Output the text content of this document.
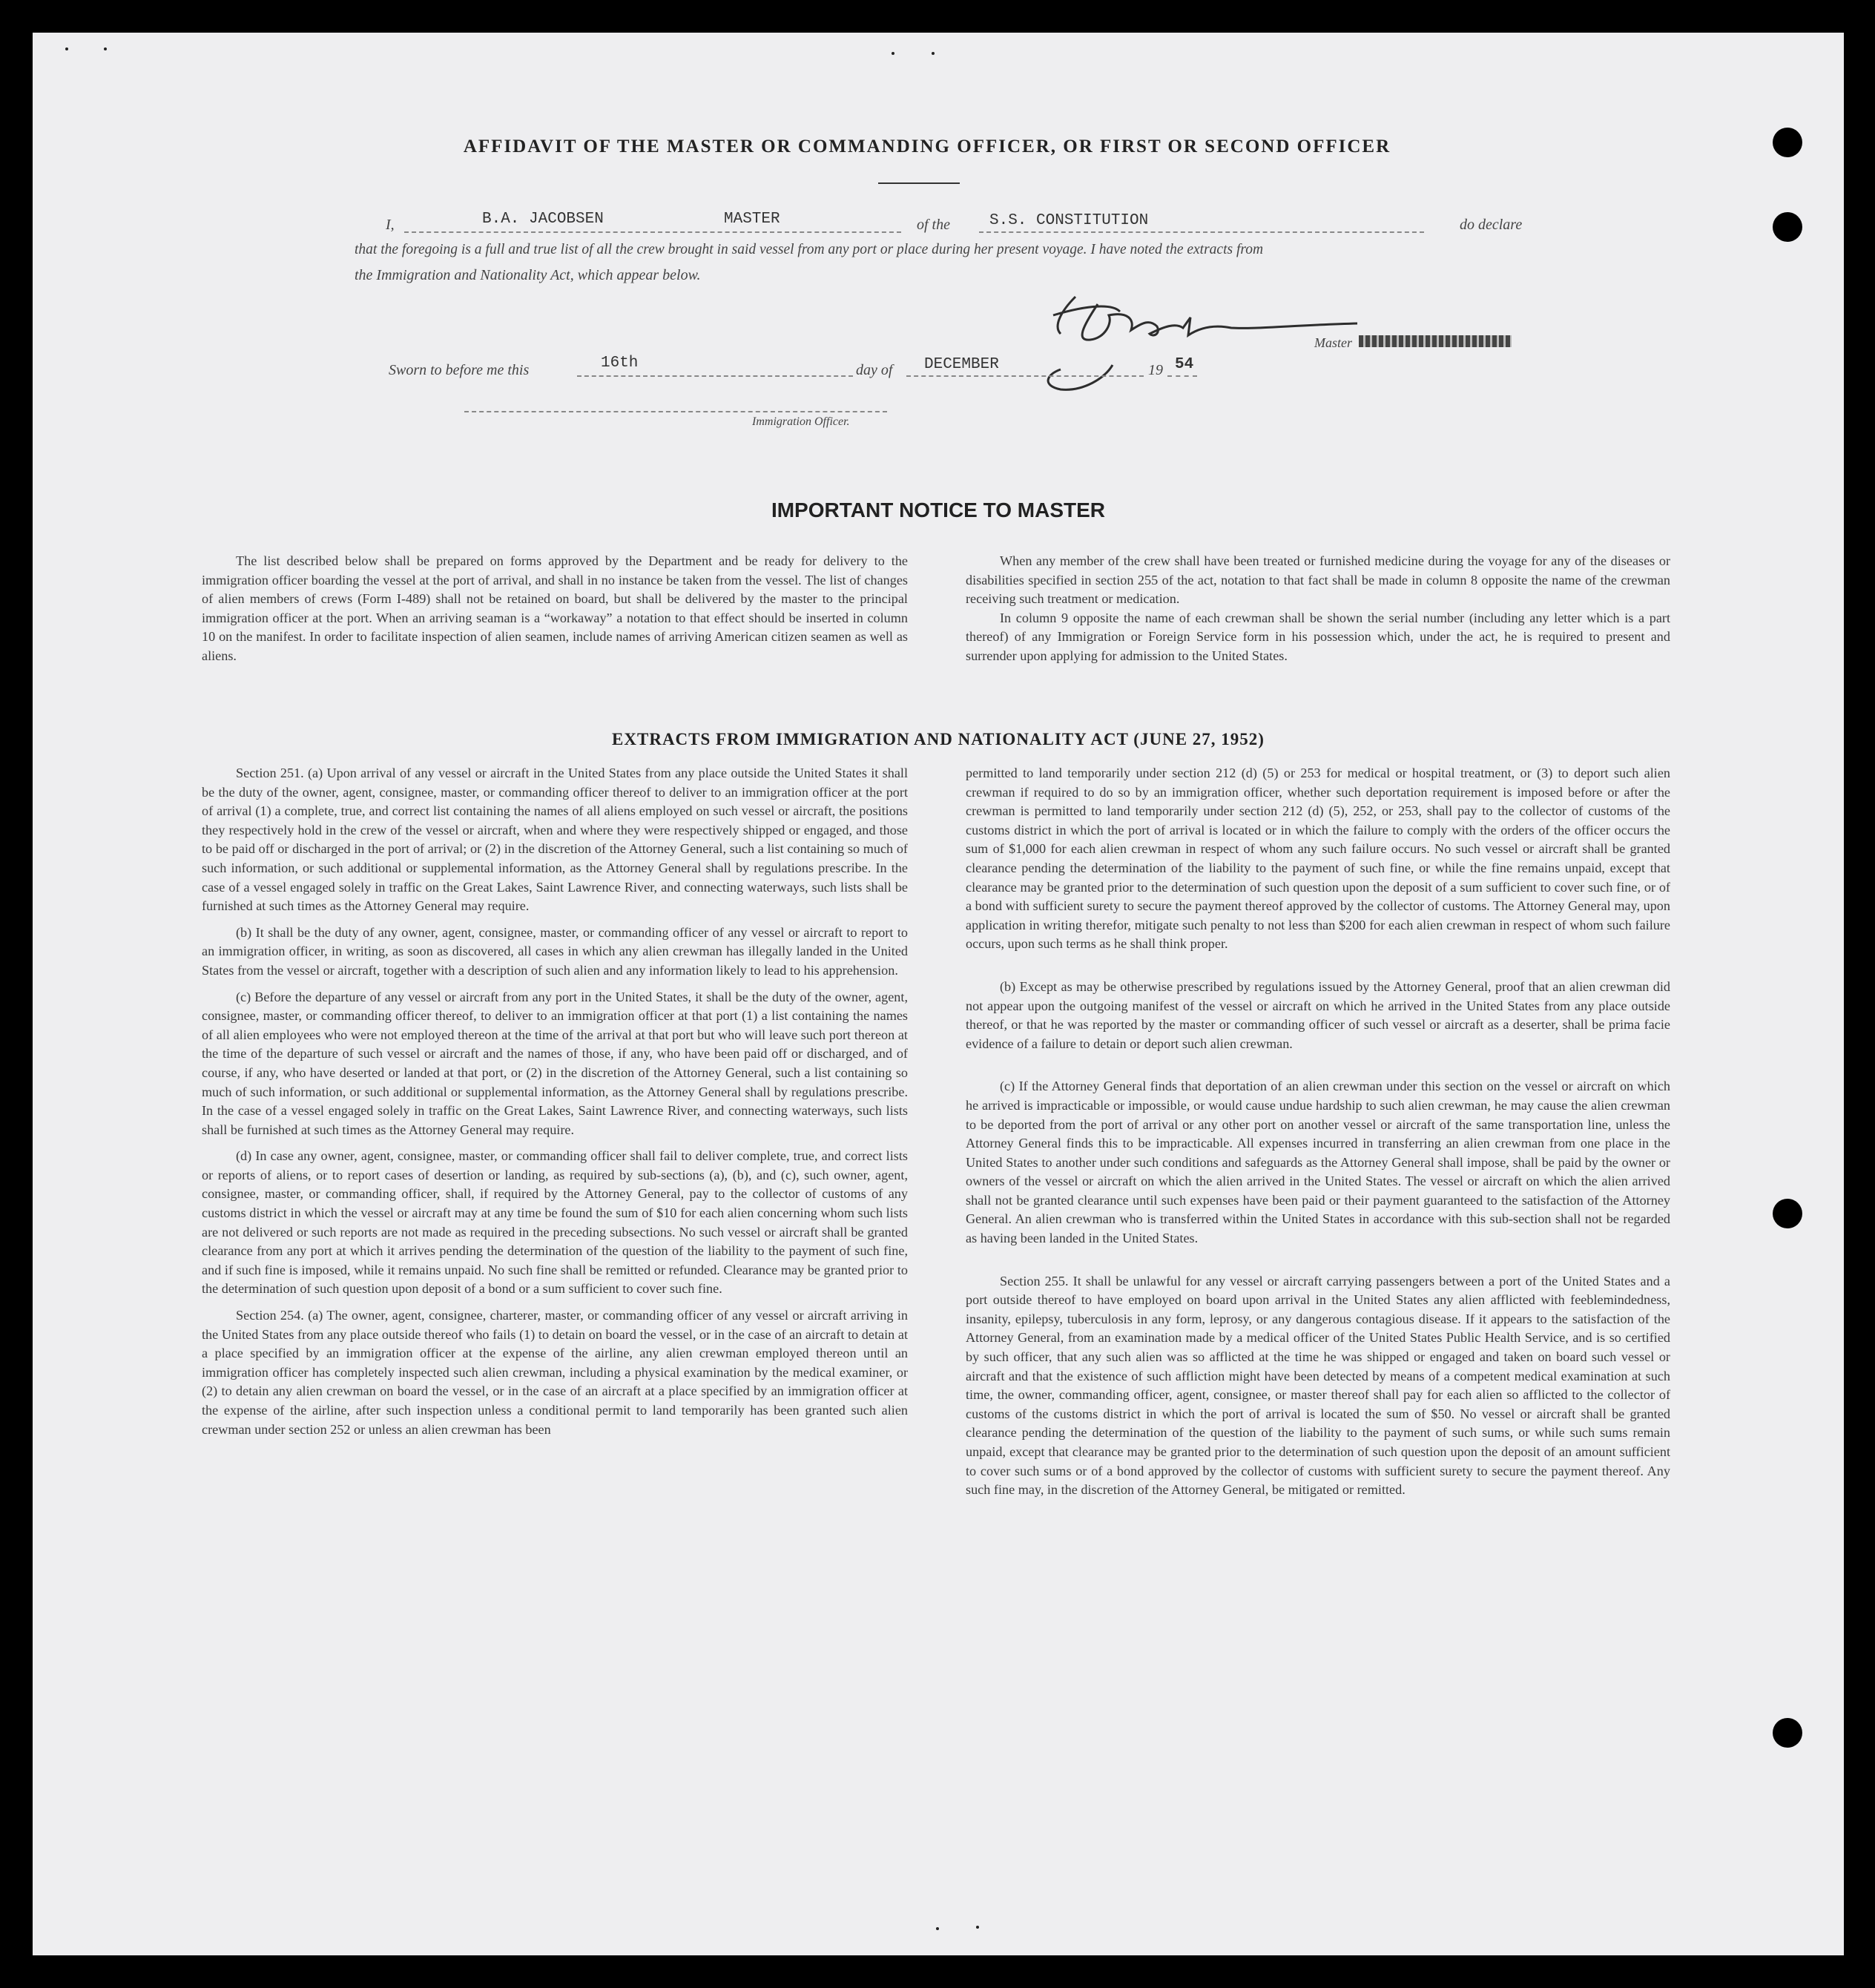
AFFIDAVIT OF THE MASTER OR COMMANDING OFFICER, OR FIRST OR SECOND OFFICER
I,	B.A. JACOBSEN	MASTER	of the	S.S. CONSTITUTION	do declare
that the foregoing is a full and true list of all the crew brought in said vessel from any port or place during her present voyage. I have noted the extracts from
the Immigration and Nationality Act, which appear below.
Master
Sworn to before me this	16th	day of DECEMBER	19 54
Immigration Officer.
IMPORTANT NOTICE TO MASTER

The list described below shall be prepared on forms approved by the Department and be ready for delivery to the immigration officer boarding the vessel at the port of arrival, and shall in no instance be taken from the vessel. The list of changes of alien members of crews (Form I-489) shall not be retained on board, but shall be delivered by the master to the principal immigration officer at the port. When an arriving seaman is a “workaway” a notation to that effect should be inserted in column 10 on the manifest. In order to facilitate inspection of alien seamen, include names of arriving American citizen seamen as well as aliens.

When any member of the crew shall have been treated or furnished medicine during the voyage for any of the diseases or disabilities specified in section 255 of the act, notation to that fact shall be made in column 8 opposite the name of the crewman receiving such treatment or medication.

In column 9 opposite the name of each crewman shall be shown the serial number (including any letter which is a part thereof) of any Immigration or Foreign Service form in his possession which, under the act, he is required to present and surrender upon applying for admission to the United States.

EXTRACTS FROM IMMIGRATION AND NATIONALITY ACT (JUNE 27, 1952)

Section 251. (a) Upon arrival of any vessel or aircraft in the United States from any place outside the United States it shall be the duty of the owner, agent, consignee, master, or commanding officer thereof to deliver to an immigration officer at the port of arrival (1) a complete, true, and correct list containing the names of all aliens employed on such vessel or aircraft, the positions they respectively hold in the crew of the vessel or aircraft, when and where they were respectively shipped or engaged, and those to be paid off or discharged in the port of arrival; or (2) in the discretion of the Attorney General, such a list containing so much of such information, or such additional or supplemental information, as the Attorney General shall by regulations prescribe. In the case of a vessel engaged solely in traffic on the Great Lakes, Saint Lawrence River, and connecting waterways, such lists shall be furnished at such times as the Attorney General may require.

(b) It shall be the duty of any owner, agent, consignee, master, or commanding officer of any vessel or aircraft to report to an immigration officer, in writing, as soon as discovered, all cases in which any alien crewman has illegally landed in the United States from the vessel or aircraft, together with a description of such alien and any information likely to lead to his apprehension.

(c) Before the departure of any vessel or aircraft from any port in the United States, it shall be the duty of the owner, agent, consignee, master, or commanding officer thereof, to deliver to an immigration officer at that port (1) a list containing the names of all alien employees who were not employed thereon at the time of the arrival at that port but who will leave such port thereon at the time of the departure of such vessel or aircraft and the names of those, if any, who have been paid off or discharged, and of course, if any, who have deserted or landed at that port, or (2) in the discretion of the Attorney General, such a list containing so much of such information, or such additional or supplemental information, as the Attorney General shall by regulations prescribe. In the case of a vessel engaged solely in traffic on the Great Lakes, Saint Lawrence River, and connecting waterways, such lists shall be furnished at such times as the Attorney General may require.

(d) In case any owner, agent, consignee, master, or commanding officer shall fail to deliver complete, true, and correct lists or reports of aliens, or to report cases of desertion or landing, as required by sub-sections (a), (b), and (c), such owner, agent, consignee, master, or commanding officer, shall, if required by the Attorney General, pay to the collector of customs of any customs district in which the vessel or aircraft may at any time be found the sum of $10 for each alien concerning whom such lists are not delivered or such reports are not made as required in the preceding subsections. No such vessel or aircraft shall be granted clearance from any port at which it arrives pending the determination of the question of the liability to the payment of such fine, and if such fine is imposed, while it remains unpaid. No such fine shall be remitted or refunded. Clearance may be granted prior to the determination of such question upon deposit of a bond or a sum sufficient to cover such fine.

Section 254. (a) The owner, agent, consignee, charterer, master, or commanding officer of any vessel or aircraft arriving in the United States from any place outside thereof who fails (1) to detain on board the vessel, or in the case of an aircraft to detain at a place specified by an immigration officer at the expense of the airline, any alien crewman employed thereon until an immigration officer has completely inspected such alien crewman, including a physical examination by the medical examiner, or (2) to detain any alien crewman on board the vessel, or in the case of an aircraft at a place specified by an immigration officer at the expense of the airline, after such inspection unless a conditional permit to land temporarily has been granted such alien crewman under section 252 or unless an alien crewman has been

permitted to land temporarily under section 212 (d) (5) or 253 for medical or hospital treatment, or (3) to deport such alien crewman if required to do so by an immigration officer, whether such deportation requirement is imposed before or after the crewman is permitted to land temporarily under section 212 (d) (5), 252, or 253, shall pay to the collector of customs of the customs district in which the port of arrival is located or in which the failure to comply with the orders of the officer occurs the sum of $1,000 for each alien crewman in respect of whom any such failure occurs. No such vessel or aircraft shall be granted clearance pending the determination of the liability to the payment of such fine, or while the fine remains unpaid, except that clearance may be granted prior to the determination of such question upon the deposit of a sum sufficient to cover such fine, or of a bond with sufficient surety to secure the payment thereof approved by the collector of customs. The Attorney General may, upon application in writing therefor, mitigate such penalty to not less than $200 for each alien crewman in respect of whom such failure occurs, upon such terms as he shall think proper.

(b) Except as may be otherwise prescribed by regulations issued by the Attorney General, proof that an alien crewman did not appear upon the outgoing manifest of the vessel or aircraft on which he arrived in the United States from any place outside thereof, or that he was reported by the master or commanding officer of such vessel or aircraft as a deserter, shall be prima facie evidence of a failure to detain or deport such alien crewman.

(c) If the Attorney General finds that deportation of an alien crewman under this section on the vessel or aircraft on which he arrived is impracticable or impossible, or would cause undue hardship to such alien crewman, he may cause the alien crewman to be deported from the port of arrival or any other port on another vessel or aircraft of the same transportation line, unless the Attorney General finds this to be impracticable. All expenses incurred in transferring an alien crewman from one place in the United States to another under such conditions and safeguards as the Attorney General shall impose, shall be paid by the owner or owners of the vessel or aircraft on which the alien arrived in the United States. The vessel or aircraft on which the alien arrived shall not be granted clearance until such expenses have been paid or their payment guaranteed to the satisfaction of the Attorney General. An alien crewman who is transferred within the United States in accordance with this sub-section shall not be regarded as having been landed in the United States.

Section 255. It shall be unlawful for any vessel or aircraft carrying passengers between a port of the United States and a port outside thereof to have employed on board upon arrival in the United States any alien afflicted with feeblemindedness, insanity, epilepsy, tuberculosis in any form, leprosy, or any dangerous contagious disease. If it appears to the satisfaction of the Attorney General, from an examination made by a medical officer of the United States Public Health Service, and is so certified by such officer, that any such alien was so afflicted at the time he was shipped or engaged and taken on board such vessel or aircraft and that the existence of such affliction might have been detected by means of a competent medical examination at such time, the owner, commanding officer, agent, consignee, or master thereof shall pay for each alien so afflicted to the collector of customs of the customs district in which the port of arrival is located the sum of $50. No vessel or aircraft shall be granted clearance pending the determination of the question of the liability to the payment of such sums, or while such sums remain unpaid, except that clearance may be granted prior to the determination of such question upon the deposit of an amount sufficient to cover such sums or of a bond approved by the collector of customs with sufficient surety to secure the payment thereof. Any such fine may, in the discretion of the Attorney General, be mitigated or remitted.
